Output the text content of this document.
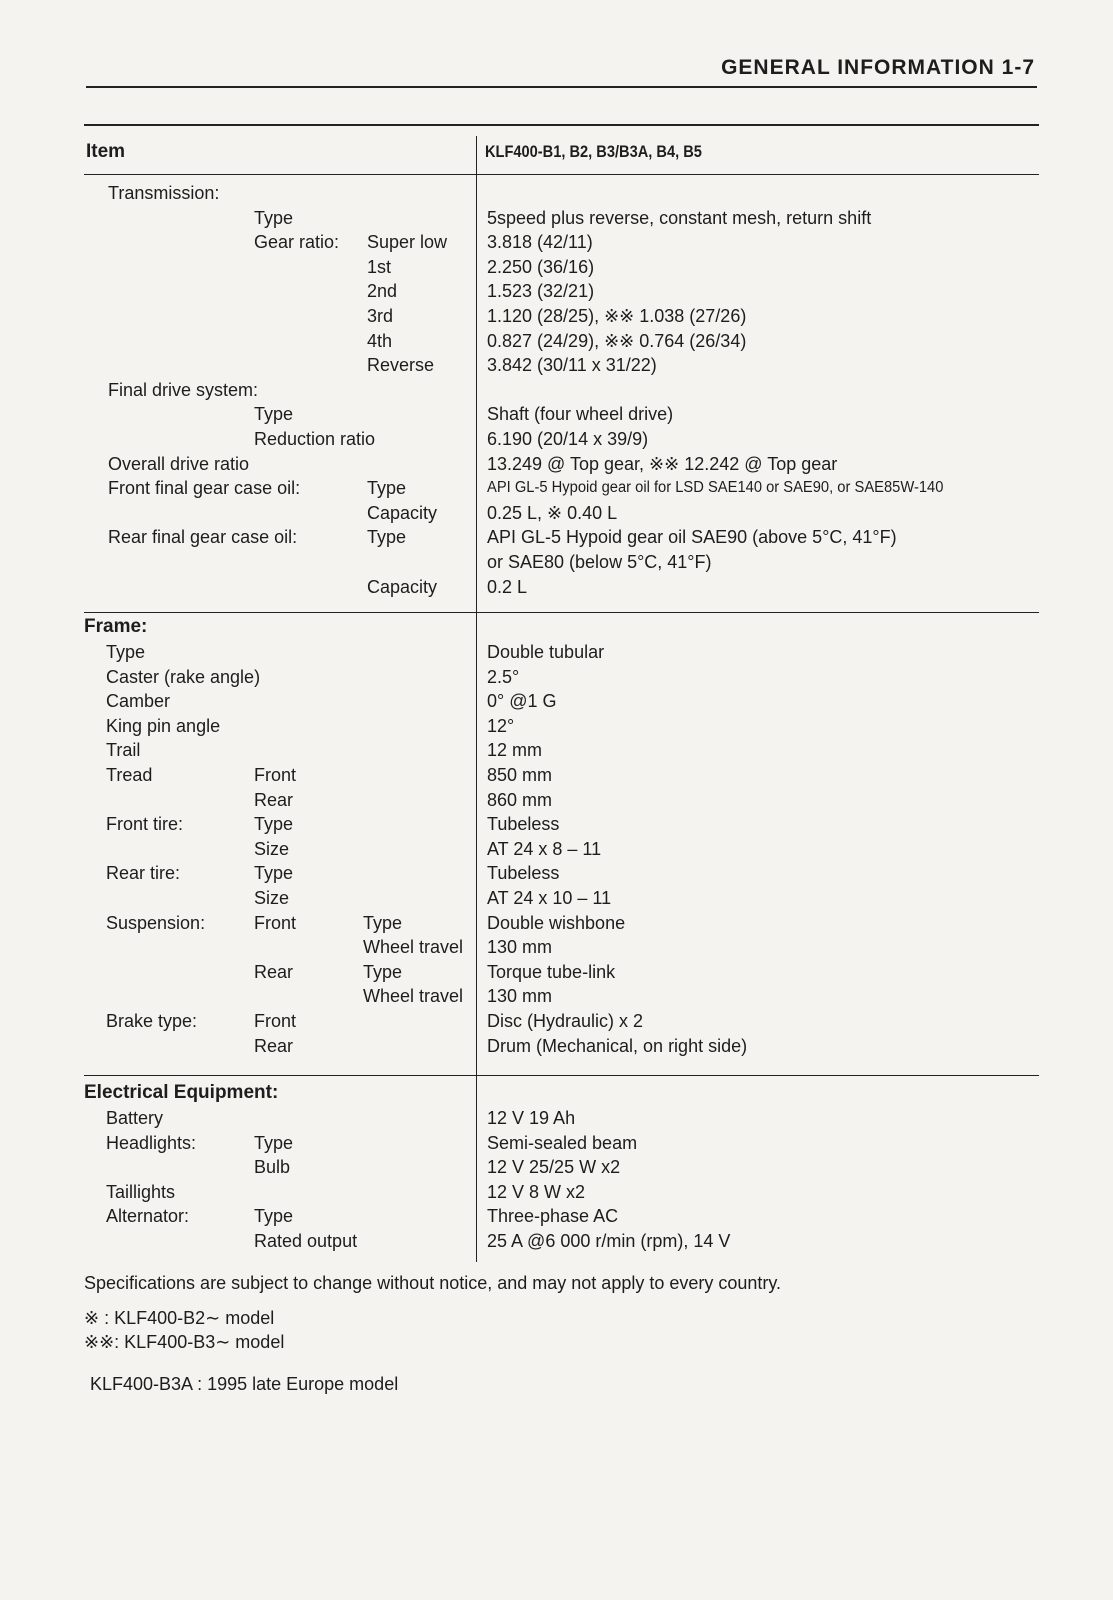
GENERAL INFORMATION 1-7
Item	KLF400-B1, B2, B3/B3A, B4, B5
Transmission:
Type	5speed plus reverse, constant mesh, return shift
Gear ratio: Super low 3.818 (42/11)
1st	2.250 (36/16)
2nd	1.523 (32/21)
3rd	1.120 (28/25), ※※ 1.038 (27/26)
4th	0.827 (24/29), ※※ 0.764 (26/34)
Reverse	3.842 (30/11 x 31/22)
Final drive system:
Type	Shaft (four wheel drive)
Reduction ratio	6.190 (20/14 x 39/9)
Overall drive ratio	13.249 @ Top gear, ※※ 12.242 @ Top gear
Front final gear case oil:	Type	API GL-5 Hypoid gear oil for LSD SAE140 or SAE90, or SAE85W-140
Capacity	0.25 L, ※ 0.40 L
Rear final gear case oil:	Type	API GL-5 Hypoid gear oil SAE90 (above 5°C, 41°F)
or SAE80 (below 5°C, 41°F)
Capacity	0.2 L
Frame:
Type	Double tubular
Caster (rake angle)	2.5°
Camber	0° @1 G
King pin angle	12°
Trail	12 mm
Tread	Front	850 mm
Rear	860 mm
Front tire:	Type	Tubeless
Size	AT 24 x 8 – 11
Rear tire:	Type	Tubeless
Size	AT 24 x 10 – 11
Suspension:	Front	Type	Double wishbone
Wheel travel 130 mm
Rear	Type	Torque tube-link
Wheel travel 130 mm
Brake type:	Front	Disc (Hydraulic) x 2
Rear	Drum (Mechanical, on right side)
Electrical Equipment:
Battery	12 V 19 Ah
Headlights:	Type	Semi-sealed beam
Bulb	12 V 25/25 W x2
Taillights	12 V 8 W x2
Alternator:	Type	Three-phase AC
Rated output	25 A @6 000 r/min (rpm), 14 V
Specifications are subject to change without notice, and may not apply to every country.
※ : KLF400-B2∼ model
※※: KLF400-B3∼ model
KLF400-B3A : 1995 late Europe model
